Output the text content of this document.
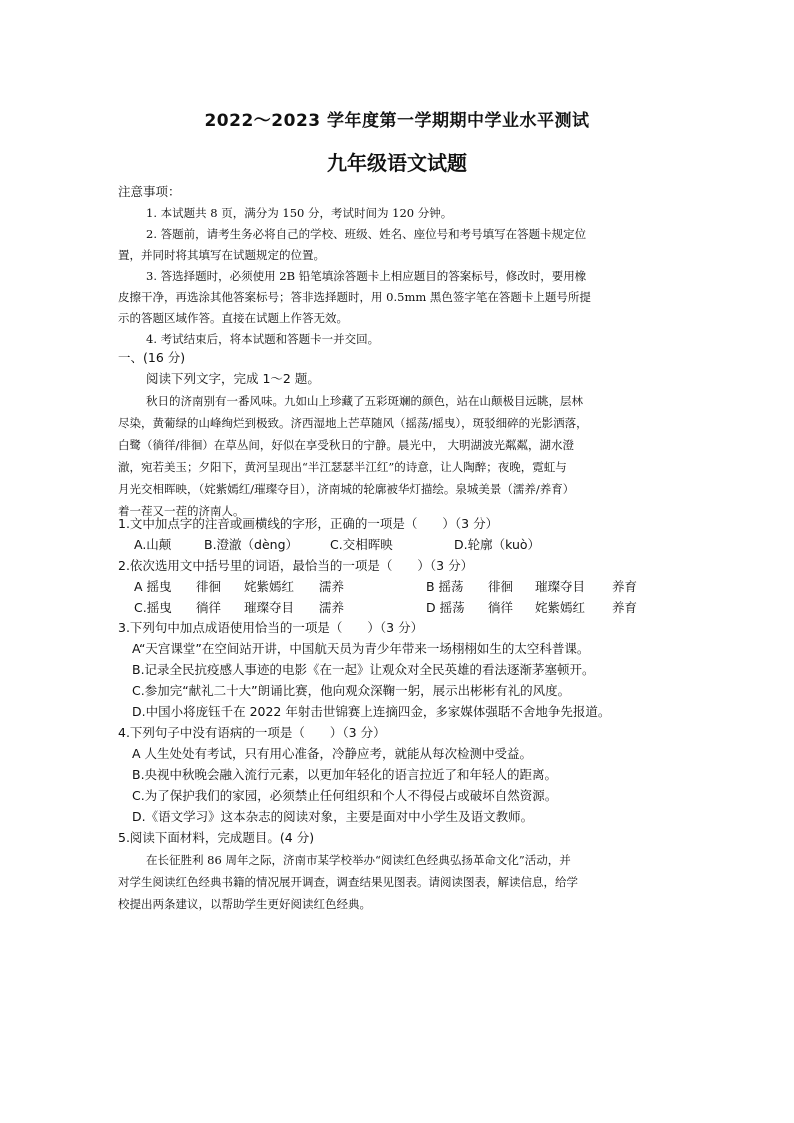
2022～2023 学年度第一学期期中学业水平测试
九年级语文试题
注意事项：
1. 本试题共 8 页，满分为 150 分，考试时间为 120 分钟。
2. 答题前，请考生务必将自己的学校、班级、姓名、座位号和考号填写在答题卡规定位
置，并同时将其填写在试题规定的位置。
3. 答选择题时，必须使用 2B 铅笔填涂答题卡上相应题目的答案标号，修改时，要用橡
皮擦干净，再选涂其他答案标号；答非选择题时，用 0.5mm 黑色签字笔在答题卡上题号所提
示的答题区域作答。直接在试题上作答无效。
4. 考试结束后，将本试题和答题卡一并交回。
一、(16 分)
阅读下列文字，完成 1～2 题。
秋日的济南别有一番风味。九如山上珍藏了五彩斑斓的颜色，站在山颠极目远眺，层林
尽染，黄葡绿的山峰绚烂到极致。济西湿地上芒草随风（摇荡/摇曳），斑驳细碎的光影洒落，
白鹭（徜徉/徘徊）在草丛间，好似在享受秋日的宁静。晨光中， 大明湖波光粼粼，湖水澄
澈，宛若美玉；夕阳下，黄河呈现出“半江瑟瑟半江红”的诗意，让人陶醉；夜晚，霓虹与
月光交相晖映，（姹紫嫣红/璀璨夺目），济南城的轮廓被华灯描绘。泉城美景（濡养/养育）
着一茬又一茬的济南人。
1.文中加点字的注音或画横线的字形，正确的一项是（　　）（3 分）
A.山颠	B.澄澈（dèng）	C.交相晖映	D.轮廓（kuò）
2.依次选用文中括号里的词语，最恰当的一项是（　　）（3 分）
A 摇曳 徘徊 姹紫嫣红 濡养	B 摇荡 徘徊 璀璨夺目 养育
C.摇曳 徜徉 璀璨夺目 濡养	D 摇荡 徜徉 姹紫嫣红 养育
3.下列句中加点成语使用恰当的一项是（　　）（3 分）
A“天宫课堂”在空间站开讲，中国航天员为青少年带来一场栩栩如生的太空科普课。
B.记录全民抗疫感人事迹的电影《在一起》让观众对全民英雄的看法逐渐茅塞顿开。
C.参加完“献礼二十大”朗诵比赛，他向观众深鞠一躬，展示出彬彬有礼的风度。
D.中国小将庞钰千在 2022 年射击世锦赛上连摘四金，多家媒体强聒不舍地争先报道。
4.下列句子中没有语病的一项是（　　）（3 分）
A 人生处处有考试，只有用心准备，冷静应考，就能从每次检测中受益。
B.央视中秋晚会融入流行元素，以更加年轻化的语言拉近了和年轻人的距离。
C.为了保护我们的家园，必须禁止任何组织和个人不得侵占或破坏自然资源。
D.《语文学习》这本杂志的阅读对象，主要是面对中小学生及语文教师。
5.阅读下面材料，完成题目。(4 分)
在长征胜利 86 周年之际，济南市某学校举办“阅读红色经典弘扬革命文化”活动，并
对学生阅读红色经典书籍的情况展开调查，调查结果见图表。请阅读图表，解读信息，给学
校提出两条建议，以帮助学生更好阅读红色经典。
